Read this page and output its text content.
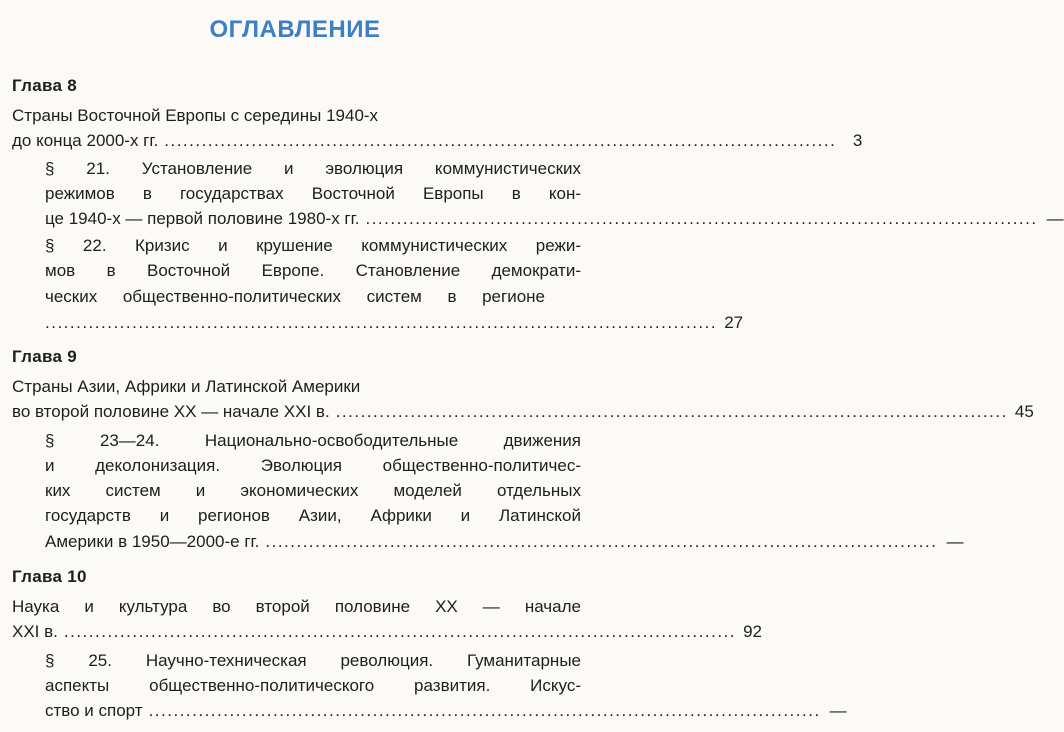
ОГЛАВЛЕНИЕ
Глава 8
Страны Восточной Европы с середины 1940-х
до конца 2000-х гг. ............................................................................................................ 3
§ 21. Установление и эволюция коммунистических
режимов в государствах Восточной Европы в кон-
це 1940-х — первой половине 1980-х гг. ............................................................................................................ —
§ 22. Кризис и крушение коммунистических режи-
мов в Восточной Европе. Становление демократи-
ческих общественно-политических систем в регионе
............................................................................................................ 27
Глава 9
Страны Азии, Африки и Латинской Америки
во второй половине XX — начале XXI в. ............................................................................................................ 45
§ 23—24. Национально-освободительные движения
и деколонизация. Эволюция общественно-политичес-
ких систем и экономических моделей отдельных
государств и регионов Азии, Африки и Латинской
Америки в 1950—2000-е гг. ............................................................................................................ —
Глава 10
Наука и культура во второй половине XX — начале
XXI в. ............................................................................................................ 92
§ 25. Научно-техническая революция. Гуманитарные
аспекты общественно-политического развития. Искус-
ство и спорт ............................................................................................................ —
